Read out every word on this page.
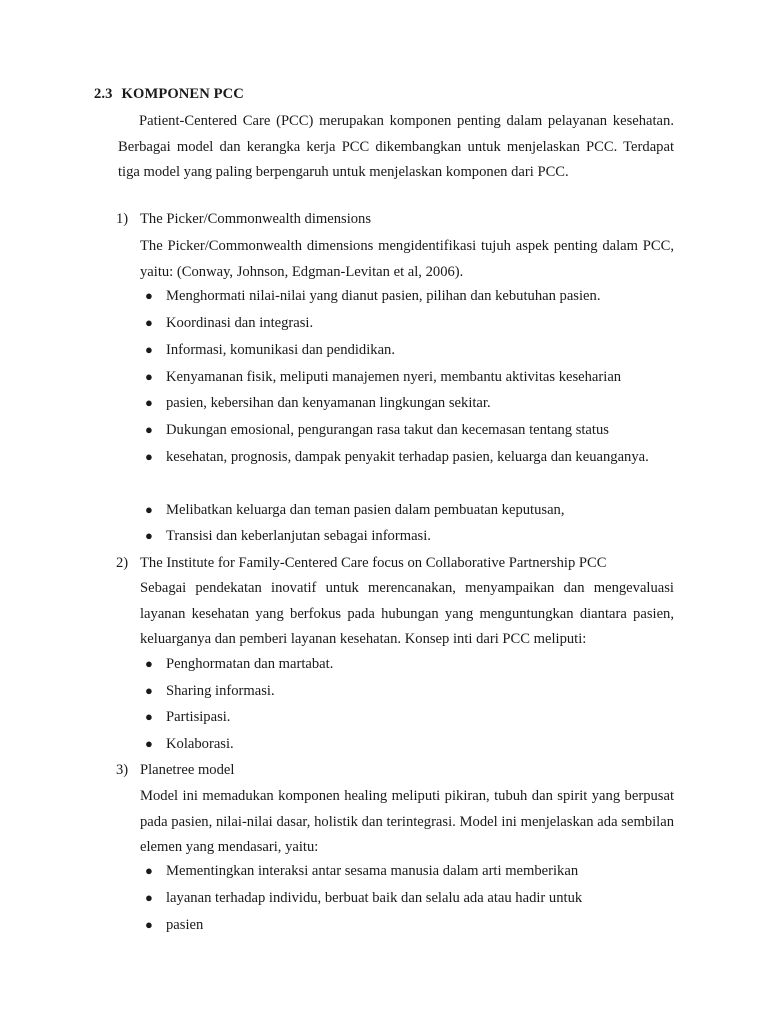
2.3 KOMPONEN PCC
Patient-Centered Care (PCC) merupakan komponen penting dalam pelayanan kesehatan. Berbagai model dan kerangka kerja PCC dikembangkan untuk menjelaskan PCC. Terdapat tiga model yang paling berpengaruh untuk menjelaskan komponen dari PCC.
1) The Picker/Commonwealth dimensions
The Picker/Commonwealth dimensions mengidentifikasi tujuh aspek penting dalam PCC, yaitu: (Conway, Johnson, Edgman-Levitan et al, 2006).
● Menghormati nilai-nilai yang dianut pasien, pilihan dan kebutuhan pasien.
● Koordinasi dan integrasi.
● Informasi, komunikasi dan pendidikan.
● Kenyamanan fisik, meliputi manajemen nyeri, membantu aktivitas keseharian
● pasien, kebersihan dan kenyamanan lingkungan sekitar.
● Dukungan emosional, pengurangan rasa takut dan kecemasan tentang status
● kesehatan, prognosis, dampak penyakit terhadap pasien, keluarga dan keuanganya.
● Melibatkan keluarga dan teman pasien dalam pembuatan keputusan,
● Transisi dan keberlanjutan sebagai informasi.
2) The Institute for Family-Centered Care focus on Collaborative Partnership PCC
Sebagai pendekatan inovatif untuk merencanakan, menyampaikan dan mengevaluasi layanan kesehatan yang berfokus pada hubungan yang menguntungkan diantara pasien, keluarganya dan pemberi layanan kesehatan. Konsep inti dari PCC meliputi:
● Penghormatan dan martabat.
● Sharing informasi.
● Partisipasi.
● Kolaborasi.
3) Planetree model
Model ini memadukan komponen healing meliputi pikiran, tubuh dan spirit yang berpusat pada pasien, nilai-nilai dasar, holistik dan terintegrasi. Model ini menjelaskan ada sembilan elemen yang mendasari, yaitu:
● Mementingkan interaksi antar sesama manusia dalam arti memberikan
● layanan terhadap individu, berbuat baik dan selalu ada atau hadir untuk
● pasien
